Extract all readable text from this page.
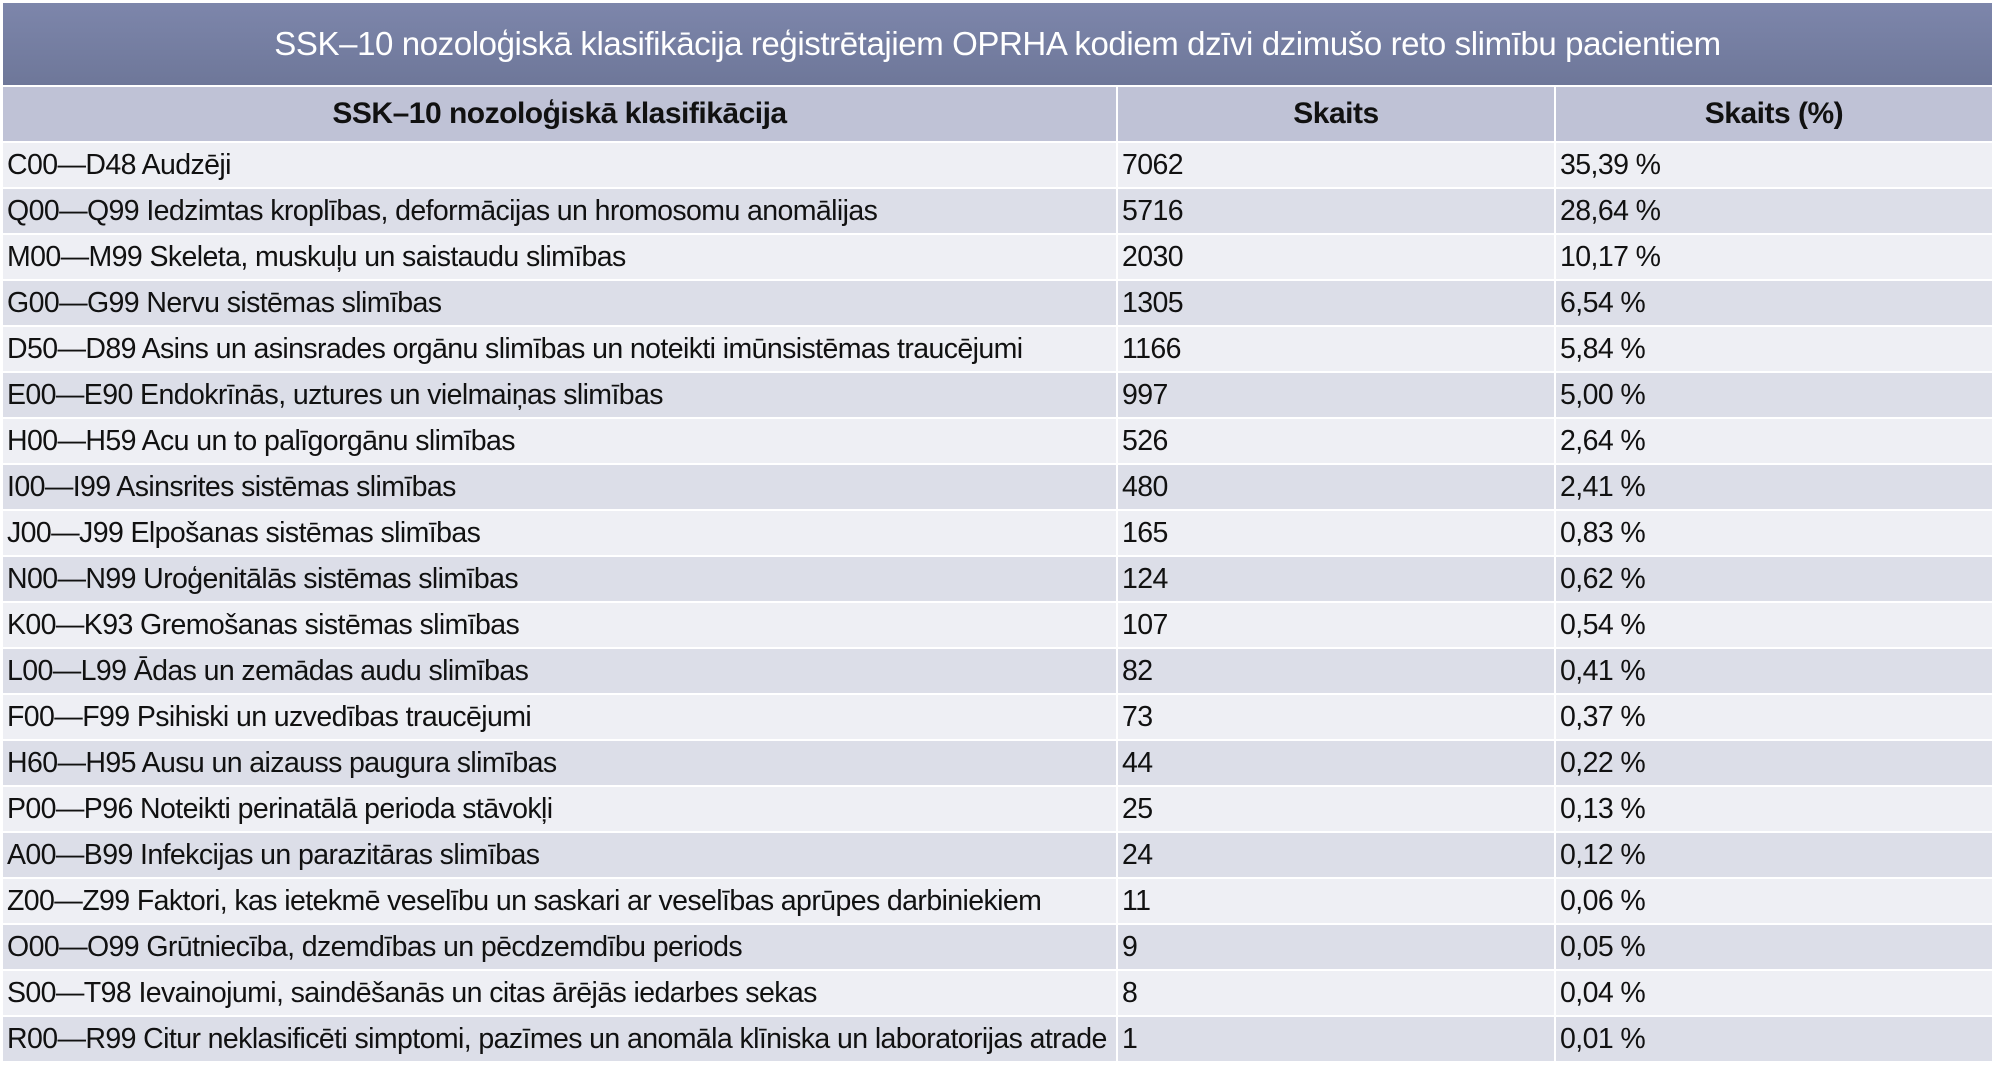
SSK–10 nozoloģiskā klasifikācija reģistrētajiem OPRHA kodiem dzīvi dzimušo reto slimību pacientiem
SSK–10 nozoloģiskā klasifikācija	Skaits	Skaits (%)
C00—D48 Audzēji	7062	35,39 %
Q00—Q99 Iedzimtas kroplības, deformācijas un hromosomu anomālijas	5716	28,64 %
M00—M99 Skeleta, muskuļu un saistaudu slimības	2030	10,17 %
G00—G99 Nervu sistēmas slimības	1305	6,54 %
D50—D89 Asins un asinsrades orgānu slimības un noteikti imūnsistēmas traucējumi	1166	5,84 %
E00—E90 Endokrīnās, uztures un vielmaiņas slimības	997	5,00 %
H00—H59 Acu un to palīgorgānu slimības	526	2,64 %
I00—I99 Asinsrites sistēmas slimības	480	2,41 %
J00—J99 Elpošanas sistēmas slimības	165	0,83 %
N00—N99 Uroģenitālās sistēmas slimības	124	0,62 %
K00—K93 Gremošanas sistēmas slimības	107	0,54 %
L00—L99 Ādas un zemādas audu slimības	82	0,41 %
F00—F99 Psihiski un uzvedības traucējumi	73	0,37 %
H60—H95 Ausu un aizauss paugura slimības	44	0,22 %
P00—P96 Noteikti perinatālā perioda stāvokļi	25	0,13 %
A00—B99 Infekcijas un parazitāras slimības	24	0,12 %
Z00—Z99 Faktori, kas ietekmē veselību un saskari ar veselības aprūpes darbiniekiem	11	0,06 %
O00—O99 Grūtniecība, dzemdības un pēcdzemdību periods	9	0,05 %
S00—T98 Ievainojumi, saindēšanās un citas ārējās iedarbes sekas	8	0,04 %
R00—R99 Citur neklasificēti simptomi, pazīmes un anomāla klīniska un laboratorijas atrade	1	0,01 %
